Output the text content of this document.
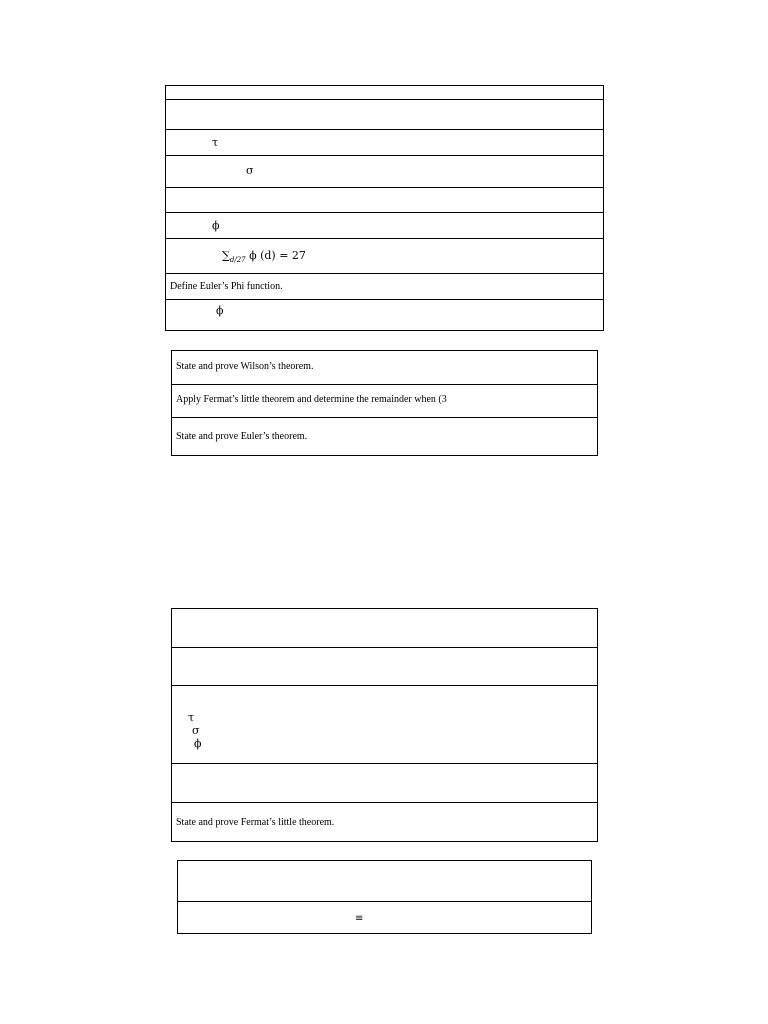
τ
σ
ϕ
$\sum_{d/27}$ ϕ (d) = 27
Define Euler’s Phi function.
ϕ
State and prove Wilson’s theorem.
Apply Fermat’s little theorem and determine the remainder when (3
State and prove Euler’s theorem.
τ
σ
ϕ
State and prove Fermat’s little theorem.
≡
